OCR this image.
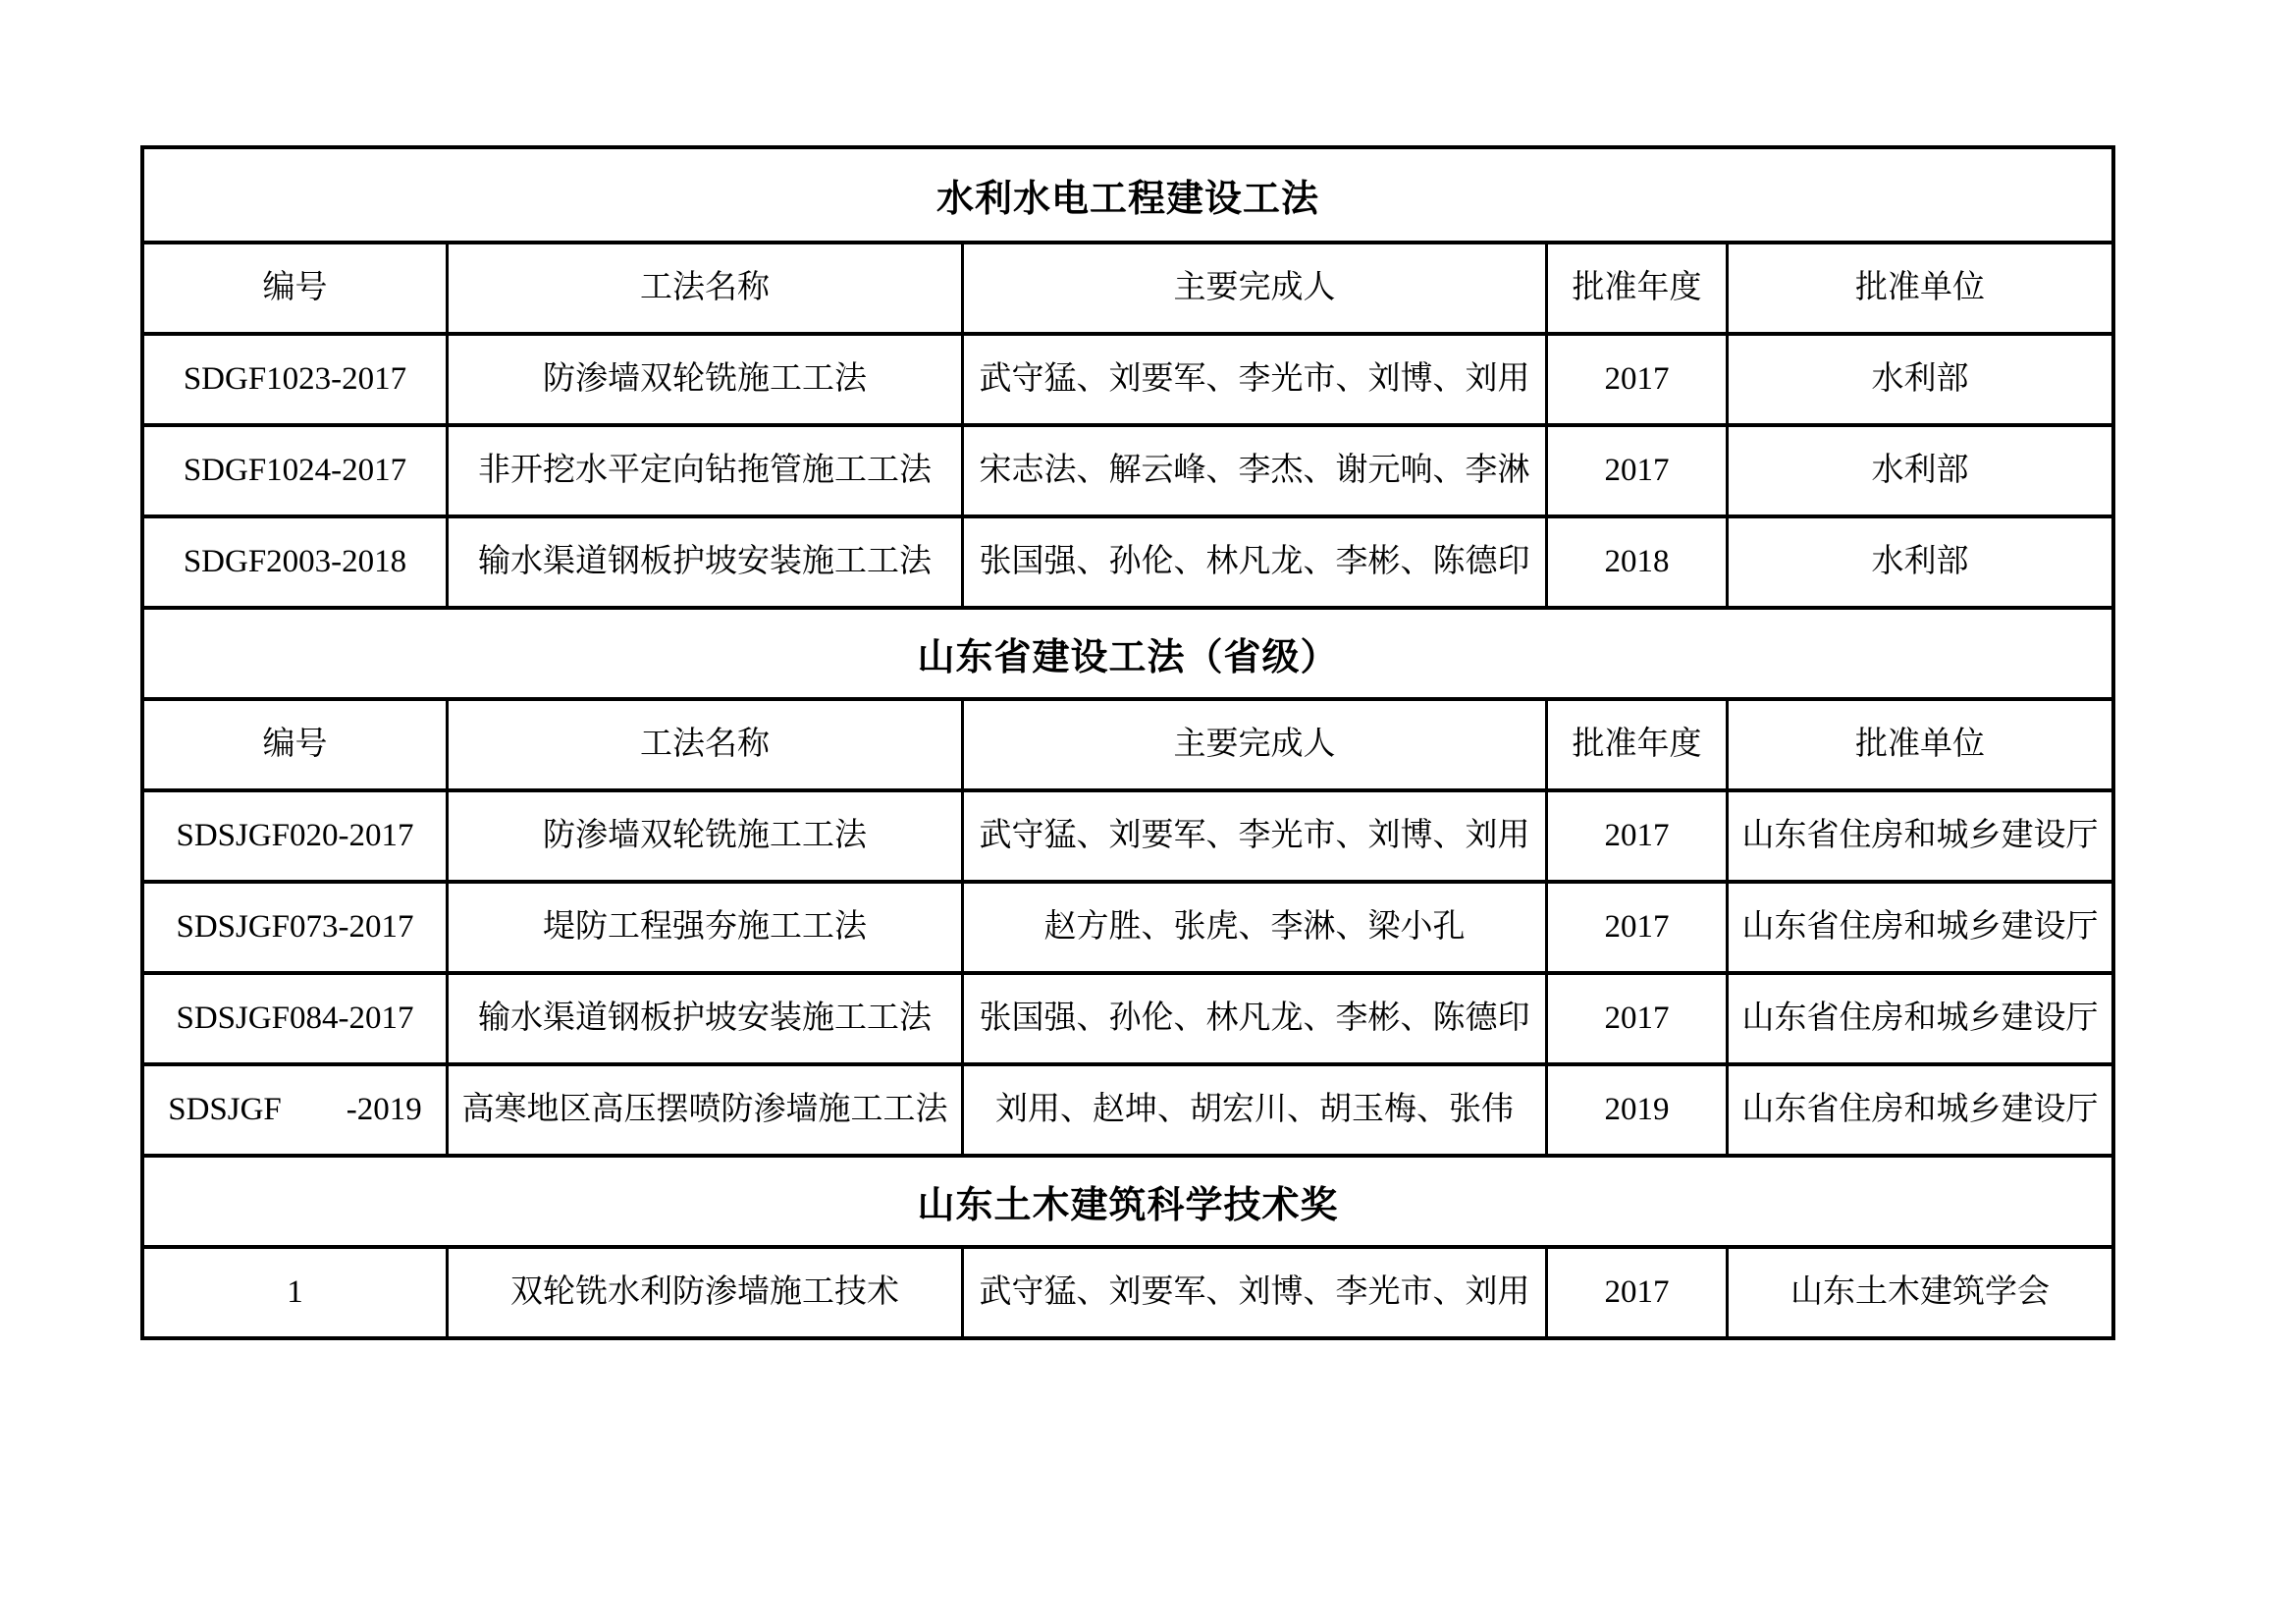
水利水电工程建设工法
编号	工法名称	主要完成人	批准年度	批准单位
SDGF1023-2017	防渗墙双轮铣施工工法	武守猛、刘要军、李光市、刘博、刘用	2017	水利部
SDGF1024-2017	非开挖水平定向钻拖管施工工法	宋志法、解云峰、李杰、谢元响、李淋	2017	水利部
SDGF2003-2018	输水渠道钢板护坡安装施工工法	张国强、孙伦、林凡龙、李彬、陈德印	2018	水利部
山东省建设工法（省级）
编号	工法名称	主要完成人	批准年度	批准单位
SDSJGF020-2017	防渗墙双轮铣施工工法	武守猛、刘要军、李光市、刘博、刘用	2017	山东省住房和城乡建设厅
SDSJGF073-2017	堤防工程强夯施工工法	赵方胜、张虎、李淋、梁小孔	2017	山东省住房和城乡建设厅
SDSJGF084-2017	输水渠道钢板护坡安装施工工法	张国强、孙伦、林凡龙、李彬、陈德印	2017	山东省住房和城乡建设厅
SDSJGF　　-2019	高寒地区高压摆喷防渗墙施工工法	刘用、赵坤、胡宏川、胡玉梅、张伟	2019	山东省住房和城乡建设厅
山东土木建筑科学技术奖
1	双轮铣水利防渗墙施工技术	武守猛、刘要军、刘博、李光市、刘用	2017	山东土木建筑学会
